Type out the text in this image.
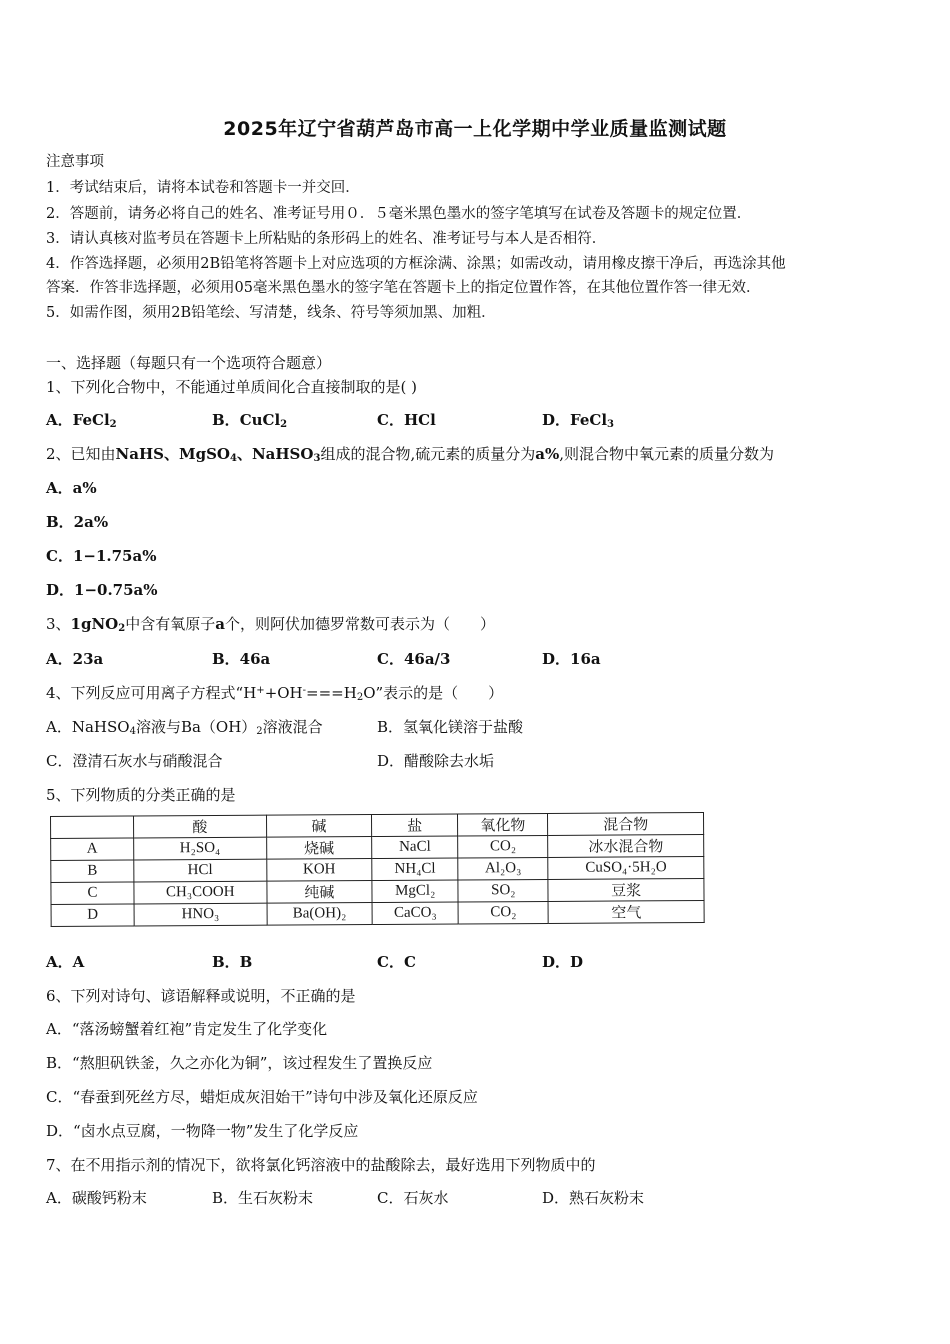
2025年辽宁省葫芦岛市高一上化学期中学业质量监测试题
注意事项
1．考试结束后，请将本试卷和答题卡一并交回．
2．答题前，请务必将自己的姓名、准考证号用０．５毫米黑色墨水的签字笔填写在试卷及答题卡的规定位置．
3．请认真核对监考员在答题卡上所粘贴的条形码上的姓名、准考证号与本人是否相符．
4．作答选择题，必须用2B铅笔将答题卡上对应选项的方框涂满、涂黑；如需改动，请用橡皮擦干净后，再选涂其他
答案．作答非选择题，必须用05毫米黑色墨水的签字笔在答题卡上的指定位置作答，在其他位置作答一律无效．
5．如需作图，须用2B铅笔绘、写清楚，线条、符号等须加黑、加粗．
一、选择题（每题只有一个选项符合题意）
1、下列化合物中，不能通过单质间化合直接制取的是( )
A．FeCl$_2$	B．CuCl$_2$	C．HCl	D．FeCl$_3$
2、已知由NaHS、MgSO$_4$、NaHSO$_3$组成的混合物,硫元素的质量分为a%,则混合物中氧元素的质量分数为
A．a%
B．2a%
C．1−1.75a%
D．1−0.75a%
3、1gNO$_2$中含有氧原子a个，则阿伏加德罗常数可表示为（　　）
A．23a	B．46a	C．46a/3	D．16a
4、下列反应可用离子方程式“$H^++OH^-===H_2O$”表示的是（　　）
A．NaHSO$_4$溶液与$Ba(OH)_2$溶液混合	B．氢氧化镁溶于盐酸
C．澄清石灰水与硝酸混合	D．醋酸除去水垢
5、下列物质的分类正确的是
	酸	碱	盐	氧化物	混合物
A	H₂SO₄	烧碱	NaCl	CO₂	冰水混合物
B	HCl	KOH	NH₄Cl	Al₂O₃	CuSO₄·5H₂O
C	CH₃COOH	纯碱	MgCl₂	SO₂	豆浆
D	HNO₃	Ba(OH)₂	CaCO₃	CO₂	空气
A．A	B．B	C．C	D．D
6、下列对诗句、谚语解释或说明，不正确的是
A．“落汤螃蟹着红袍”肯定发生了化学变化
B．“熬胆矾铁釜，久之亦化为铜”，该过程发生了置换反应
C．“春蚕到死丝方尽，蜡炬成灰泪始干”诗句中涉及氧化还原反应
D．“卤水点豆腐，一物降一物”发生了化学反应
7、在不用指示剂的情况下，欲将氯化钙溶液中的盐酸除去，最好选用下列物质中的
A．碳酸钙粉末	B．生石灰粉末	C．石灰水	D．熟石灰粉末
